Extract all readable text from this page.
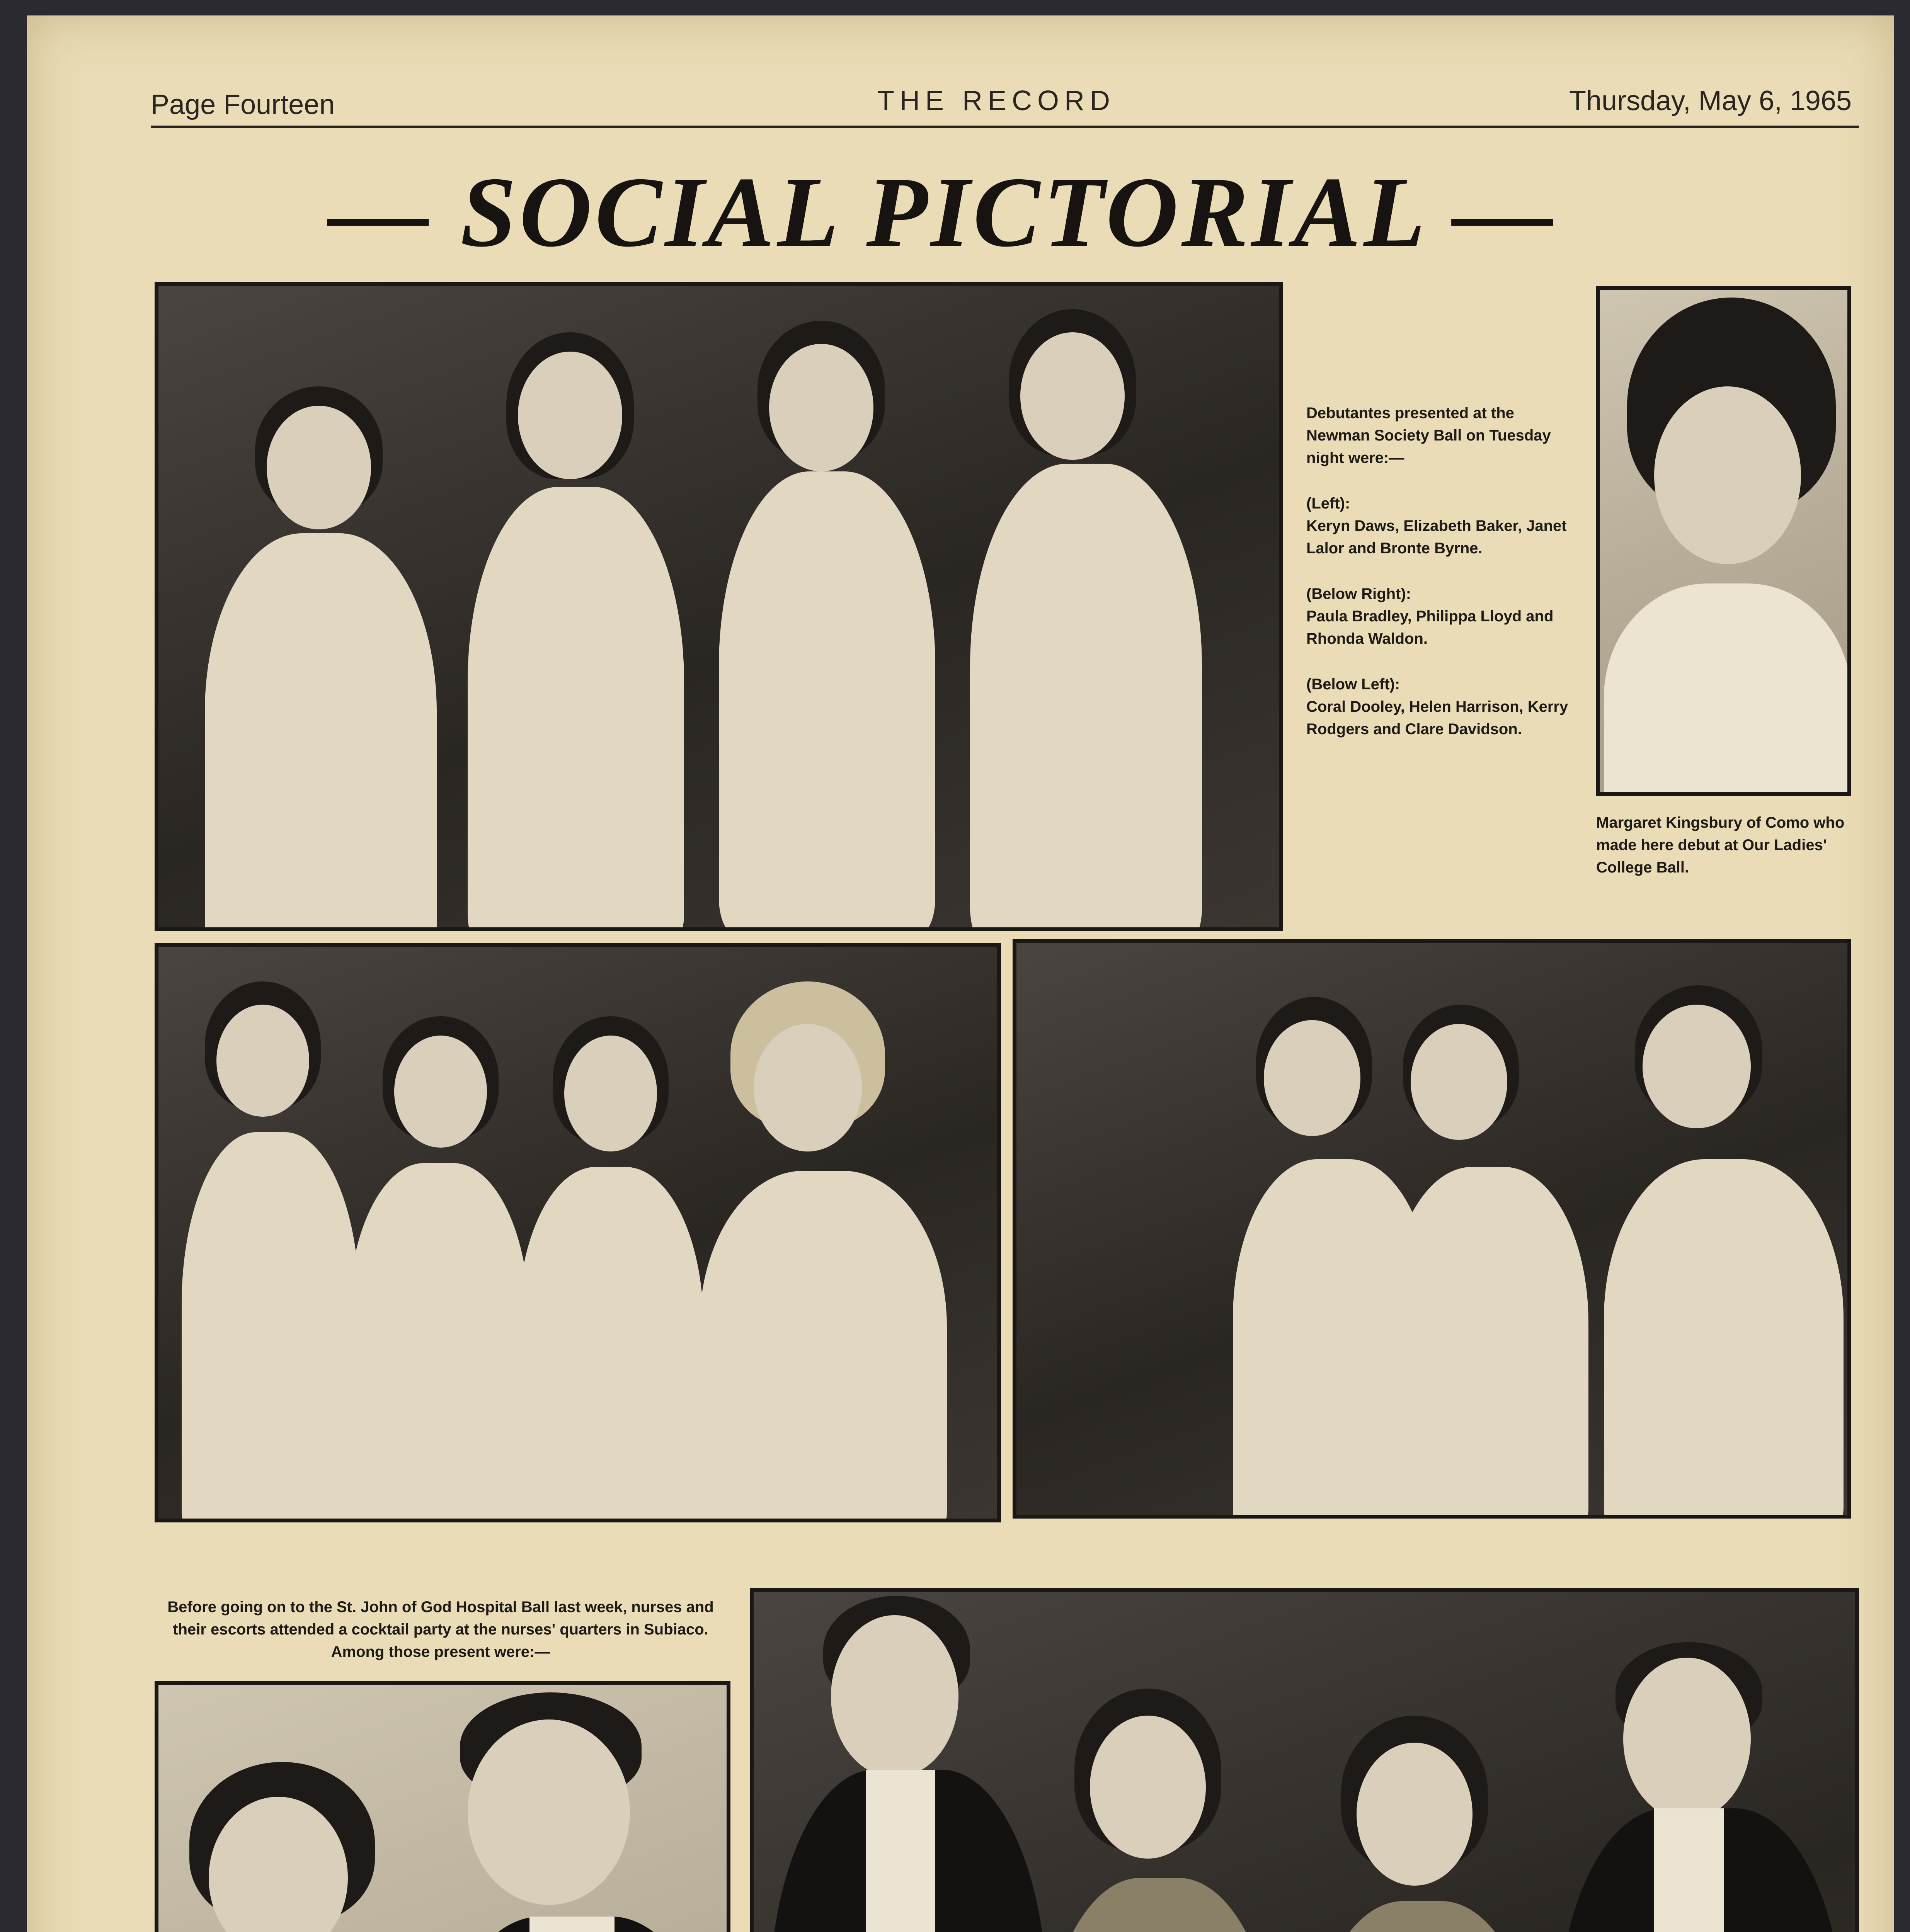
Page Fourteen	THE RECORD	Thursday, May 6, 1965
— SOCIAL PICTORIAL —

Debutantes presented at the Newman Society Ball on Tuesday night were:—

(Left):

Keryn Daws, Elizabeth Baker, Janet Lalor and Bronte Byrne.

(Below Right):

Paula Bradley, Philippa Lloyd and Rhonda Waldon.

(Below Left):

Coral Dooley, Helen Harrison, Kerry Rodgers and Clare Davidson.

Margaret Kingsbury of Como who made here debut at Our Ladies' College Ball.
Before going on to the St. John of God Hospital Ball last week, nurses and their escorts attended a cocktail party at the nurses' quarters in Subiaco. Among those present were:—
